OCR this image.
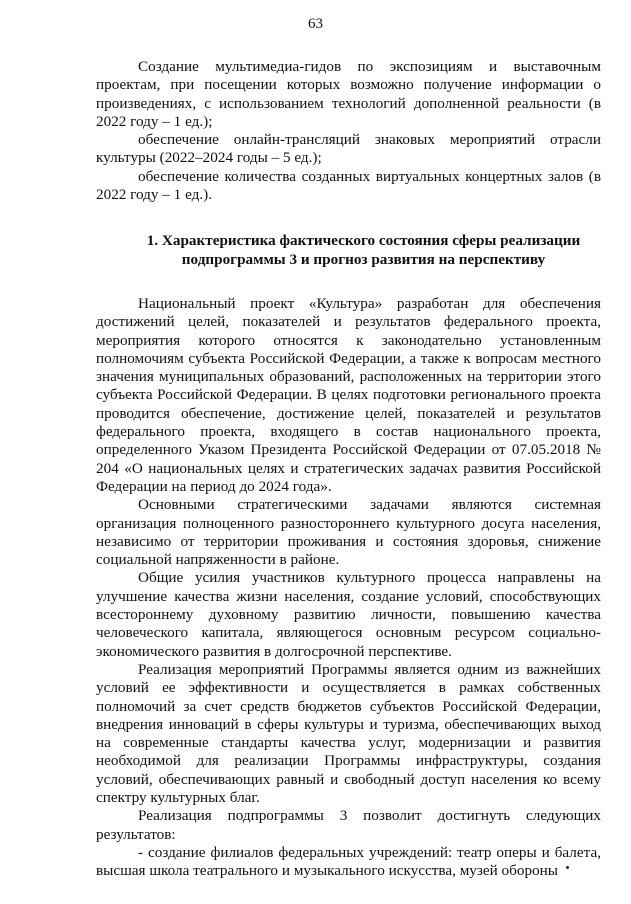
63

Создание мультимедиа-гидов по экспозициям и выставочным проектам, при посещении которых возможно получение информации о произведениях, с использованием технологий дополненной реальности (в 2022 году – 1 ед.);

обеспечение онлайн-трансляций знаковых мероприятий отрасли культуры (2022–2024 годы – 5 ед.);

обеспечение количества созданных виртуальных концертных залов (в 2022 году – 1 ед.).

1. Характеристика фактического состояния сферы реализации
подпрограммы 3 и прогноз развития на перспективу

Национальный проект «Культура» разработан для обеспечения достижений целей, показателей и результатов федерального проекта, мероприятия которого относятся к законодательно установленным полномочиям субъекта Российской Федерации, а также к вопросам местного значения муниципальных образований, расположенных на территории этого субъекта Российской Федерации. В целях подготовки регионального проекта проводится обеспечение, достижение целей, показателей и результатов федерального проекта, входящего в состав национального проекта, определенного Указом Президента Российской Федерации от 07.05.2018 № 204 «О национальных целях и стратегических задачах развития Российской Федерации на период до 2024 года».

Основными стратегическими задачами являются системная организация полноценного разностороннего культурного досуга населения, независимо от территории проживания и состояния здоровья, снижение социальной напряженности в районе.

Общие усилия участников культурного процесса направлены на улучшение качества жизни населения, создание условий, способствующих всестороннему духовному развитию личности, повышению качества человеческого капитала, являющегося основным ресурсом социально-экономического развития в долгосрочной перспективе.

Реализация мероприятий Программы является одним из важнейших условий ее эффективности и осуществляется в рамках собственных полномочий за счет средств бюджетов субъектов Российской Федерации, внедрения инноваций в сферы культуры и туризма, обеспечивающих выход на современные стандарты качества услуг, модернизации и развития необходимой для реализации Программы инфраструктуры, создания условий, обеспечивающих равный и свободный доступ населения ко всему спектру культурных благ.

Реализация подпрограммы 3 позволит достигнуть следующих результатов:

- создание филиалов федеральных учреждений: театр оперы и балета, высшая школа театрального и музыкального искусства, музей обороны
